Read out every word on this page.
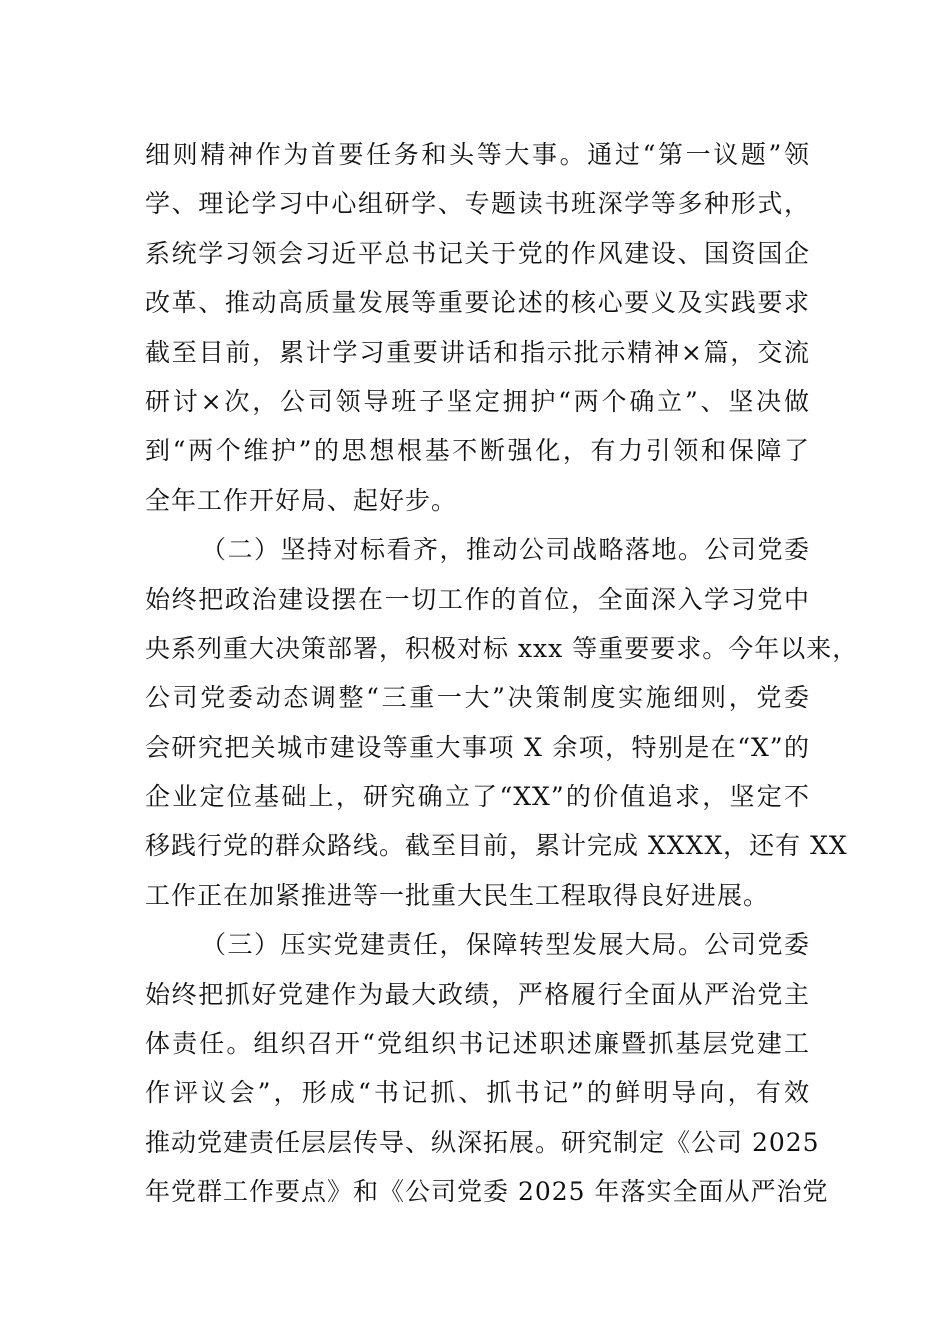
细则精神作为首要任务和头等大事。通过“第一议题”领
学、理论学习中心组研学、专题读书班深学等多种形式，
系统学习领会习近平总书记关于党的作风建设、国资国企
改革、推动高质量发展等重要论述的核心要义及实践要求
截至目前，累计学习重要讲话和指示批示精神×篇，交流
研讨×次，公司领导班子坚定拥护“两个确立”、坚决做
到“两个维护”的思想根基不断强化，有力引领和保障了
全年工作开好局、起好步。
（二）坚持对标看齐，推动公司战略落地。公司党委
始终把政治建设摆在一切工作的首位，全面深入学习党中
央系列重大决策部署，积极对标 xxx 等重要要求。今年以来，
公司党委动态调整“三重一大”决策制度实施细则，党委
会研究把关城市建设等重大事项 X 余项，特别是在“X”的
企业定位基础上，研究确立了“XX”的价值追求，坚定不
移践行党的群众路线。截至目前，累计完成 XXXX，还有 XX
工作正在加紧推进等一批重大民生工程取得良好进展。
（三）压实党建责任，保障转型发展大局。公司党委
始终把抓好党建作为最大政绩，严格履行全面从严治党主
体责任。组织召开“党组织书记述职述廉暨抓基层党建工
作评议会”，形成“书记抓、抓书记”的鲜明导向，有效
推动党建责任层层传导、纵深拓展。研究制定《公司 2025
年党群工作要点》和《公司党委 2025 年落实全面从严治党
